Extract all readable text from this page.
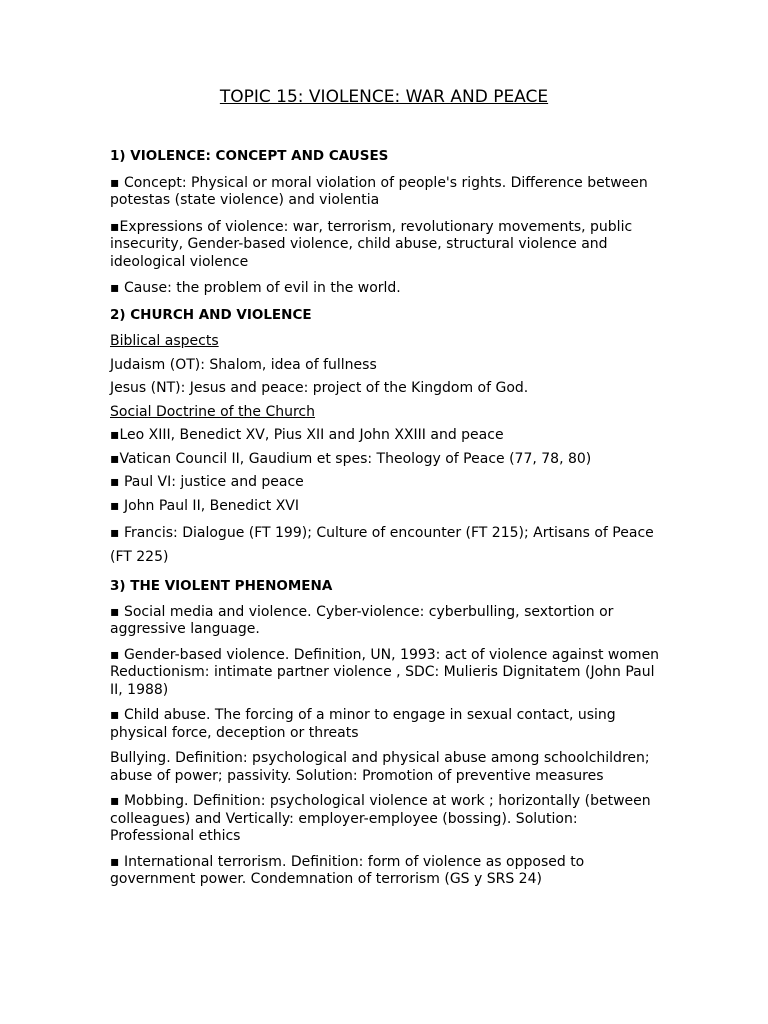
TOPIC 15: VIOLENCE: WAR AND PEACE

1) VIOLENCE: CONCEPT AND CAUSES

▪ Concept: Physical or moral violation of people's rights. Difference between potestas (state violence) and violentia

▪Expressions of violence: war, terrorism, revolutionary movements, public insecurity, Gender-based violence, child abuse, structural violence and ideological violence

▪ Cause: the problem of evil in the world.

2) CHURCH AND VIOLENCE

Biblical aspects

Judaism (OT): Shalom, idea of fullness

Jesus (NT): Jesus and peace: project of the Kingdom of God.

Social Doctrine of the Church

▪Leo XIII, Benedict XV, Pius XII and John XXIII and peace

▪Vatican Council II, Gaudium et spes: Theology of Peace (77, 78, 80)

▪ Paul VI: justice and peace

▪ John Paul II, Benedict XVI

▪ Francis: Dialogue (FT 199); Culture of encounter (FT 215); Artisans of Peace (FT 225)

3) THE VIOLENT PHENOMENA

▪ Social media and violence. Cyber-violence: cyberbulling, sextortion or aggressive language.

▪ Gender-based violence. Definition, UN, 1993: act of violence against women Reductionism: intimate partner violence , SDC: Mulieris Dignitatem (John Paul II, 1988)

▪ Child abuse. The forcing of a minor to engage in sexual contact, using physical force, deception or threats

Bullying. Definition: psychological and physical abuse among schoolchildren; abuse of power; passivity. Solution: Promotion of preventive measures

▪ Mobbing. Definition: psychological violence at work ; horizontally (between colleagues) and Vertically: employer-employee (bossing). Solution: Professional ethics

▪ International terrorism. Definition: form of violence as opposed to government power. Condemnation of terrorism (GS y SRS 24)
